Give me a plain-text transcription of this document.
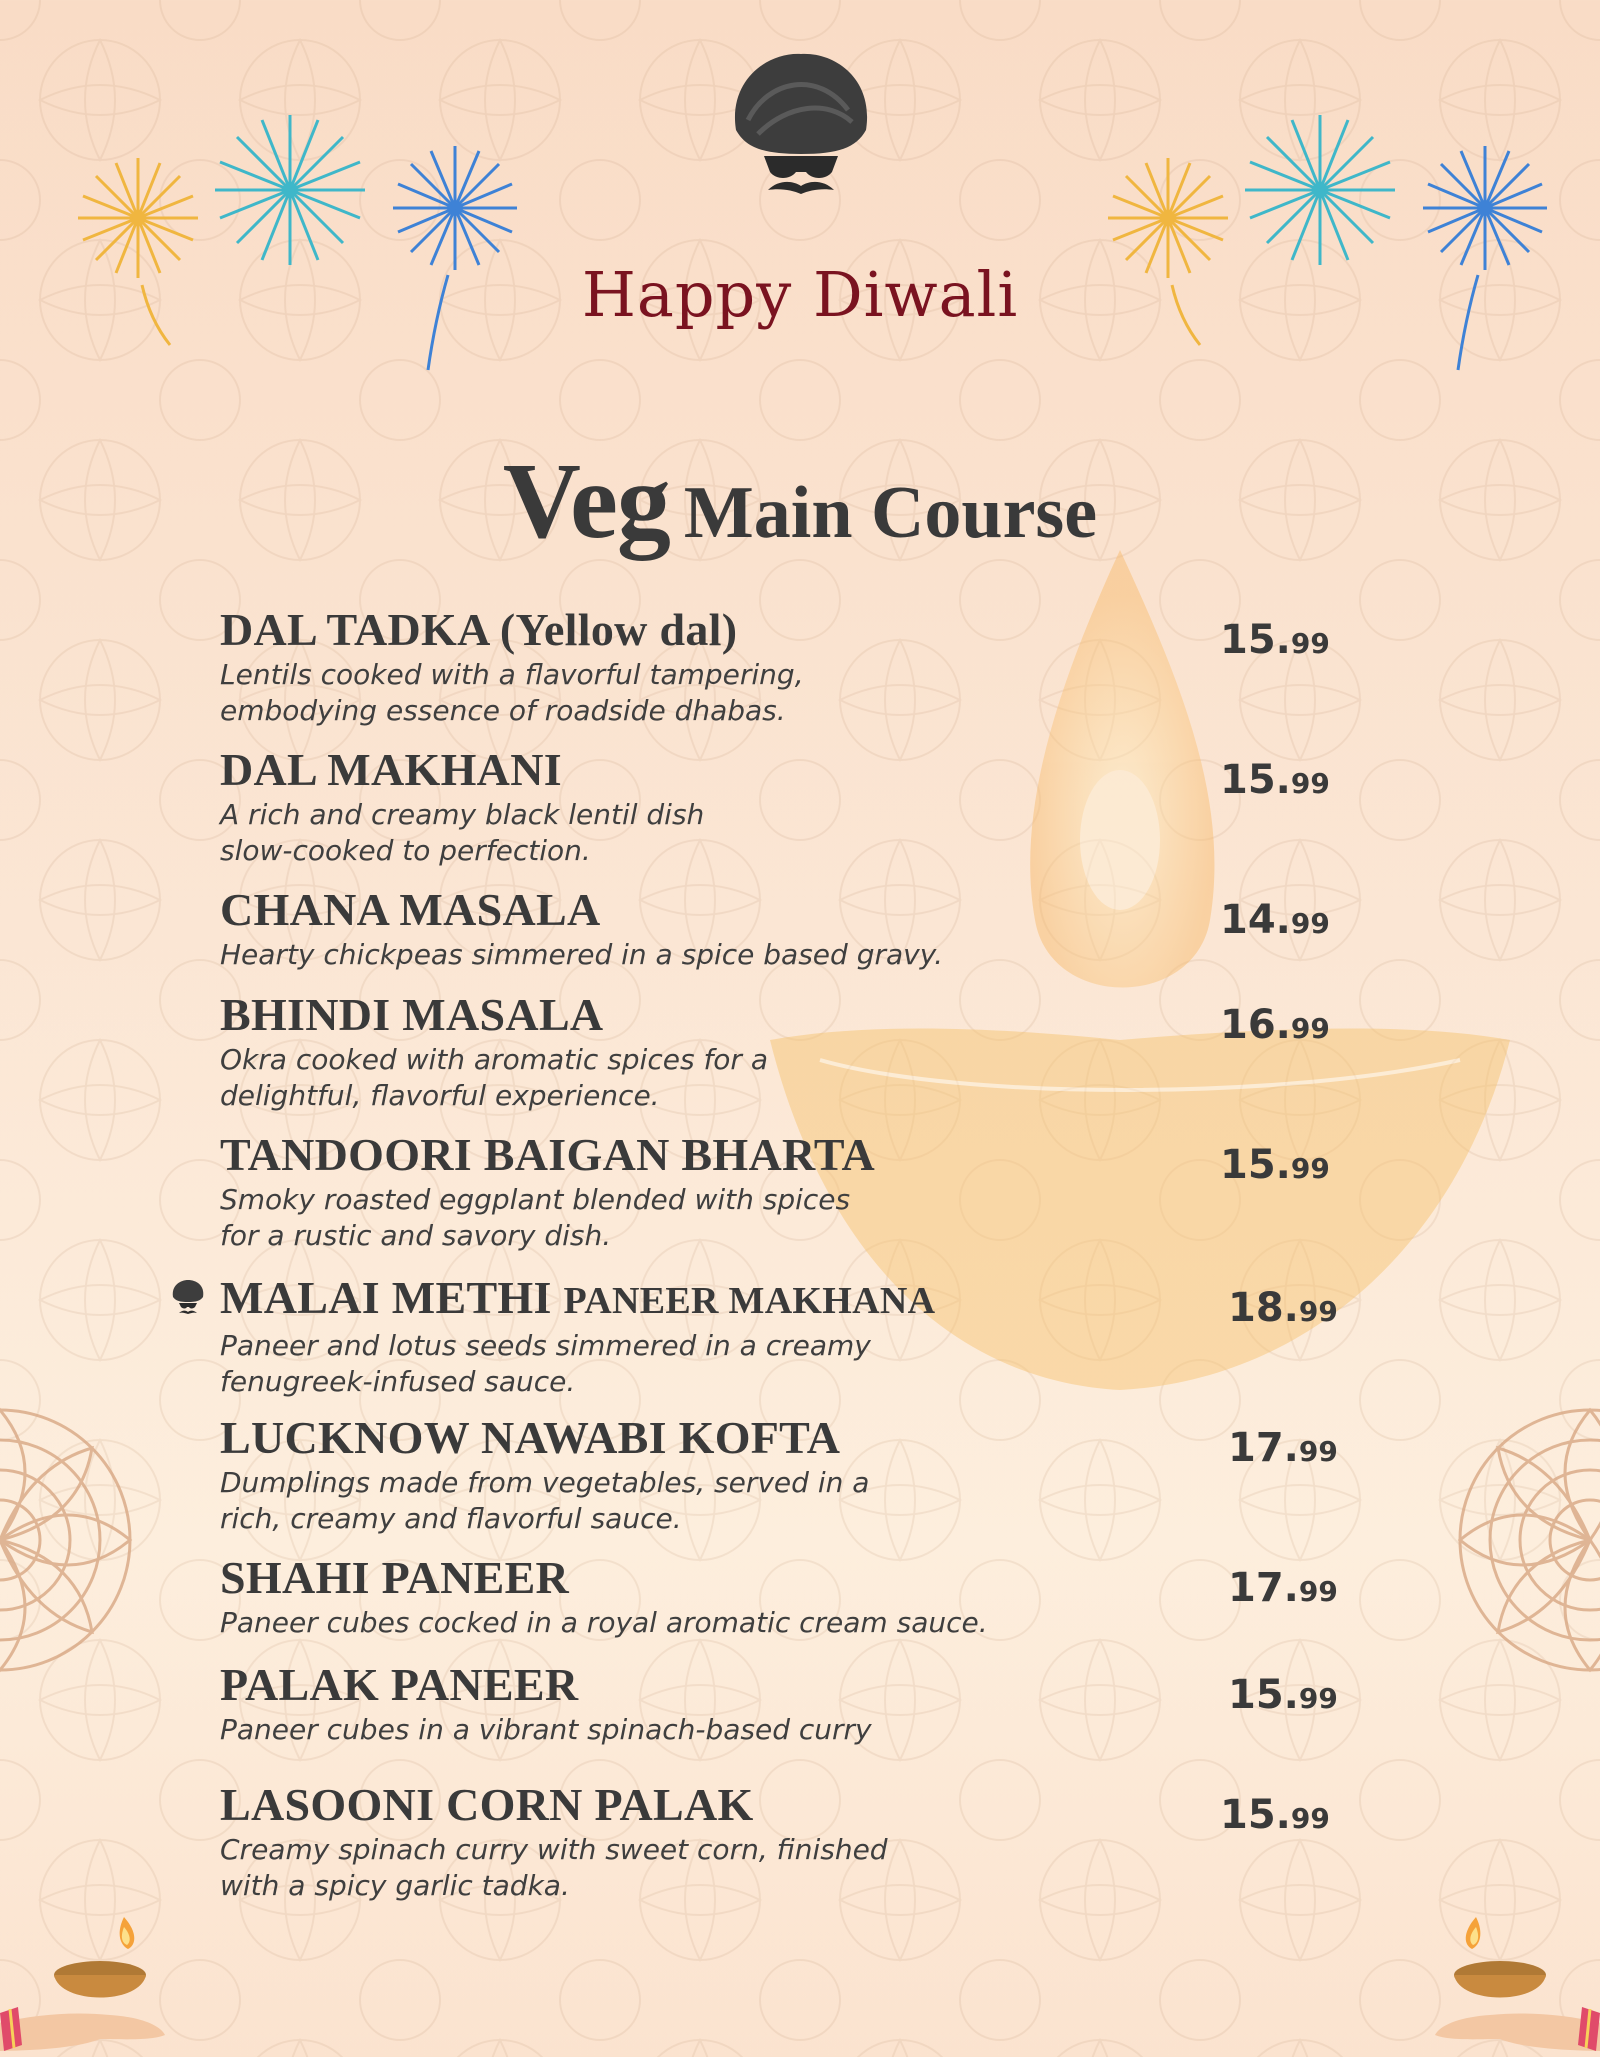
Happy Diwali
Veg Main Course
DAL TADKA (Yellow dal)
Lentils cooked with a flavorful tampering,
embodying essence of roadside dhabas.
15.99
DAL MAKHANI
A rich and creamy black lentil dish
slow-cooked to perfection.
15.99
CHANA MASALA
Hearty chickpeas simmered in a spice based gravy.
14.99
BHINDI MASALA
Okra cooked with aromatic spices for a
delightful, flavorful experience.
16.99
TANDOORI BAIGAN BHARTA
Smoky roasted eggplant blended with spices
for a rustic and savory dish.
15.99
MALAI METHI PANEER MAKHANA
Paneer and lotus seeds simmered in a creamy
fenugreek-infused sauce.
18.99
LUCKNOW NAWABI KOFTA
Dumplings made from vegetables, served in a
rich, creamy and flavorful sauce.
17.99
SHAHI PANEER
Paneer cubes cocked in a royal aromatic cream sauce.
17.99
PALAK PANEER
Paneer cubes in a vibrant spinach-based curry
15.99
LASOONI CORN PALAK
Creamy spinach curry with sweet corn, finished
with a spicy garlic tadka.
15.99
